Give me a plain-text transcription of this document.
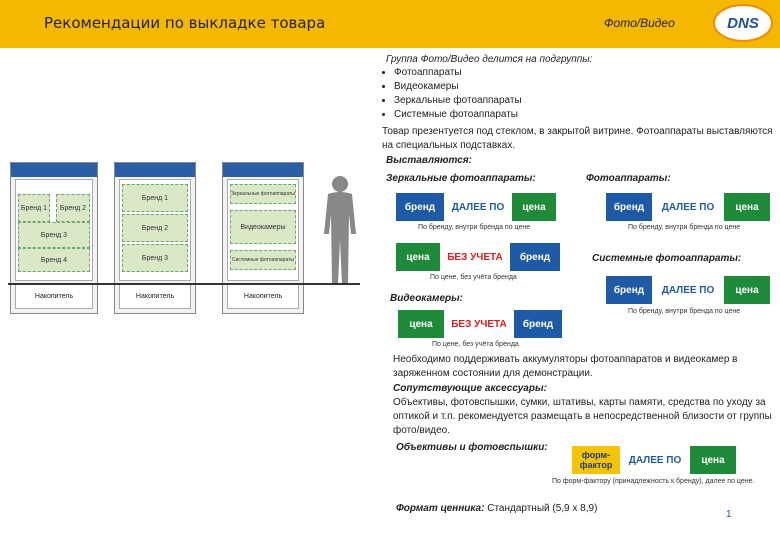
Рекомендации по выкладке товара	Фото/Видео	DNS
Группа Фото/Видео делится на подгруппы:
• Фотоаппараты
• Видеокамеры
• Зеркальные фотоаппараты
• Системные фотоаппараты
Товар презентуется под стеклом, в закрытой витрине. Фотоаппараты выставляются на специальных подставках.
Выставляются:
Зеркальные фотоаппараты:	Фотоаппараты:
бренд	ДАЛЕЕ ПО	цена
По бренду, внутри бренда по цене
бренд	ДАЛЕЕ ПО	цена
По бренду, внутри бренда по цене
цена	БЕЗ УЧЕТА	бренд
По цене, без учёта бренда
Системные фотоаппараты:
бренд	ДАЛЕЕ ПО	цена
По бренду, внутри бренда по цене
Видеокамеры:
цена	БЕЗ УЧЕТА	бренд
По цене, без учёта бренда
Необходимо поддерживать аккумуляторы фотоаппаратов и видеокамер в заряженном состоянии для демонстрации.
Сопутствующие аксессуары:
Объективы, фотовспышки, сумки, штативы, карты памяти, средства по уходу за оптикой и т.п. рекомендуется размещать в непосредственной близости от группы фото/видео.
Объективы и фотовспышки:
форм-фактор	ДАЛЕЕ ПО	цена
По форм-фактору (принадлежность к бренду), далее по цене.
Формат ценника: Стандартный (5,9 х 8,9)
1
Бренд 1	Бренд 2
Бренд 3
Бренд 4
Накопитель
Бренд 1
Бренд 2
Бренд 3
Накопитель
Зеркальные фотоаппараты
Видеокамеры
Системные фотоаппараты
Накопитель
